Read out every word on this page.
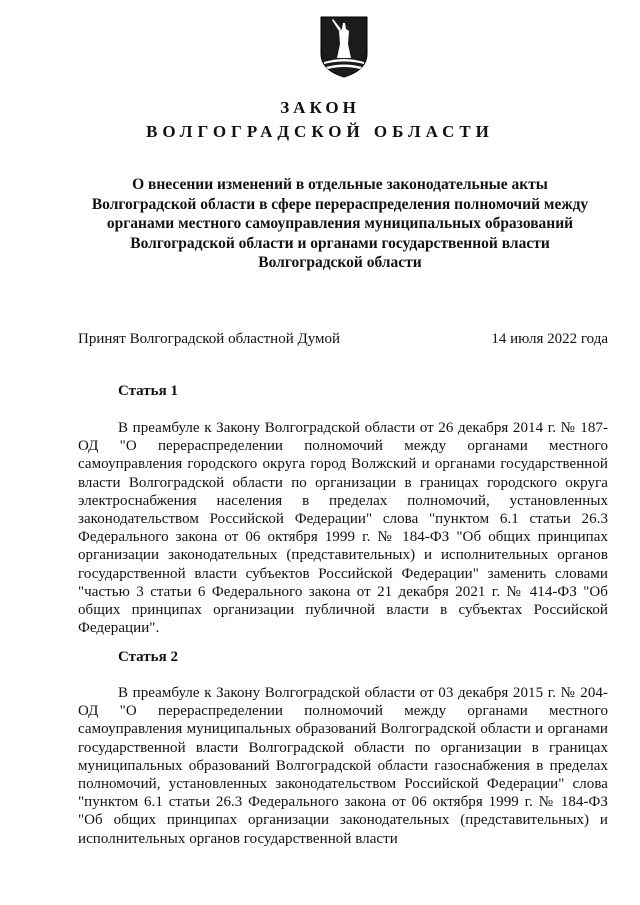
ЗАКОН
ВОЛГОГРАДСКОЙ ОБЛАСТИ
О внесении изменений в отдельные законодательные акты Волгоградской области в сфере перераспределения полномочий между органами местного самоуправления муниципальных образований Волгоградской области и органами государственной власти Волгоградской области
Принят Волгоградской областной Думой	14 июля 2022 года
Статья 1
В преамбуле к Закону Волгоградской области от 26 декабря 2014 г. № 187-ОД "О перераспределении полномочий между органами местного самоуправления городского округа город Волжский и органами государственной власти Волгоградской области по организации в границах городского округа электроснабжения населения в пределах полномочий, установленных законодательством Российской Федерации" слова "пунктом 6.1 статьи 26.3 Федерального закона от 06 октября 1999 г. № 184-ФЗ "Об общих принципах организации законодательных (представительных) и исполнительных органов государственной власти субъектов Российской Федерации" заменить словами "частью 3 статьи 6 Федерального закона от 21 декабря 2021 г. № 414-ФЗ "Об общих принципах организации публичной власти в субъектах Российской Федерации".
Статья 2
В преамбуле к Закону Волгоградской области от 03 декабря 2015 г. № 204-ОД "О перераспределении полномочий между органами местного самоуправления муниципальных образований Волгоградской области и органами государственной власти Волгоградской области по организации в границах муниципальных образований Волгоградской области газоснабжения в пределах полномочий, установленных законодательством Российской Федерации" слова "пунктом 6.1 статьи 26.3 Федерального закона от 06 октября 1999 г. № 184-ФЗ "Об общих принципах организации законодательных (представительных) и исполнительных органов государственной власти
